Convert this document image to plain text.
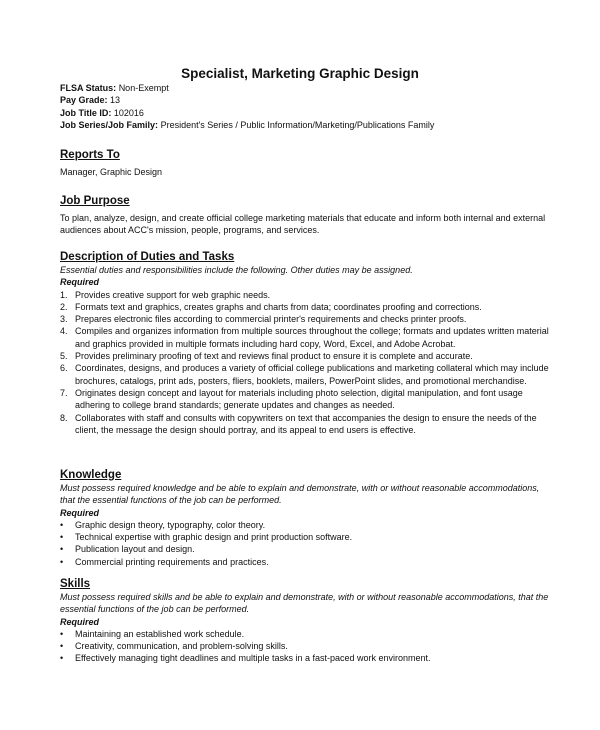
Specialist, Marketing Graphic Design
FLSA Status: Non-Exempt
Pay Grade: 13
Job Title ID: 102016
Job Series/Job Family: President's Series / Public Information/Marketing/Publications Family
Reports To
Manager, Graphic Design
Job Purpose
To plan, analyze, design, and create official college marketing materials that educate and inform both internal and external audiences about ACC's mission, people, programs, and services.
Description of Duties and Tasks
Essential duties and responsibilities include the following. Other duties may be assigned.
Required
1. Provides creative support for web graphic needs.
2. Formats text and graphics, creates graphs and charts from data; coordinates proofing and corrections.
3. Prepares electronic files according to commercial printer's requirements and checks printer proofs.
4. Compiles and organizes information from multiple sources throughout the college; formats and updates written material and graphics provided in multiple formats including hard copy, Word, Excel, and Adobe Acrobat.
5. Provides preliminary proofing of text and reviews final product to ensure it is complete and accurate.
6. Coordinates, designs, and produces a variety of official college publications and marketing collateral which may include brochures, catalogs, print ads, posters, fliers, booklets, mailers, PowerPoint slides, and promotional merchandise.
7. Originates design concept and layout for materials including photo selection, digital manipulation, and font usage adhering to college brand standards; generate updates and changes as needed.
8. Collaborates with staff and consults with copywriters on text that accompanies the design to ensure the needs of the client, the message the design should portray, and its appeal to end users is effective.
Knowledge
Must possess required knowledge and be able to explain and demonstrate, with or without reasonable accommodations, that the essential functions of the job can be performed.
Required
• Graphic design theory, typography, color theory.
• Technical expertise with graphic design and print production software.
• Publication layout and design.
• Commercial printing requirements and practices.
Skills
Must possess required skills and be able to explain and demonstrate, with or without reasonable accommodations, that the essential functions of the job can be performed.
Required
• Maintaining an established work schedule.
• Creativity, communication, and problem-solving skills.
• Effectively managing tight deadlines and multiple tasks in a fast-paced work environment.
